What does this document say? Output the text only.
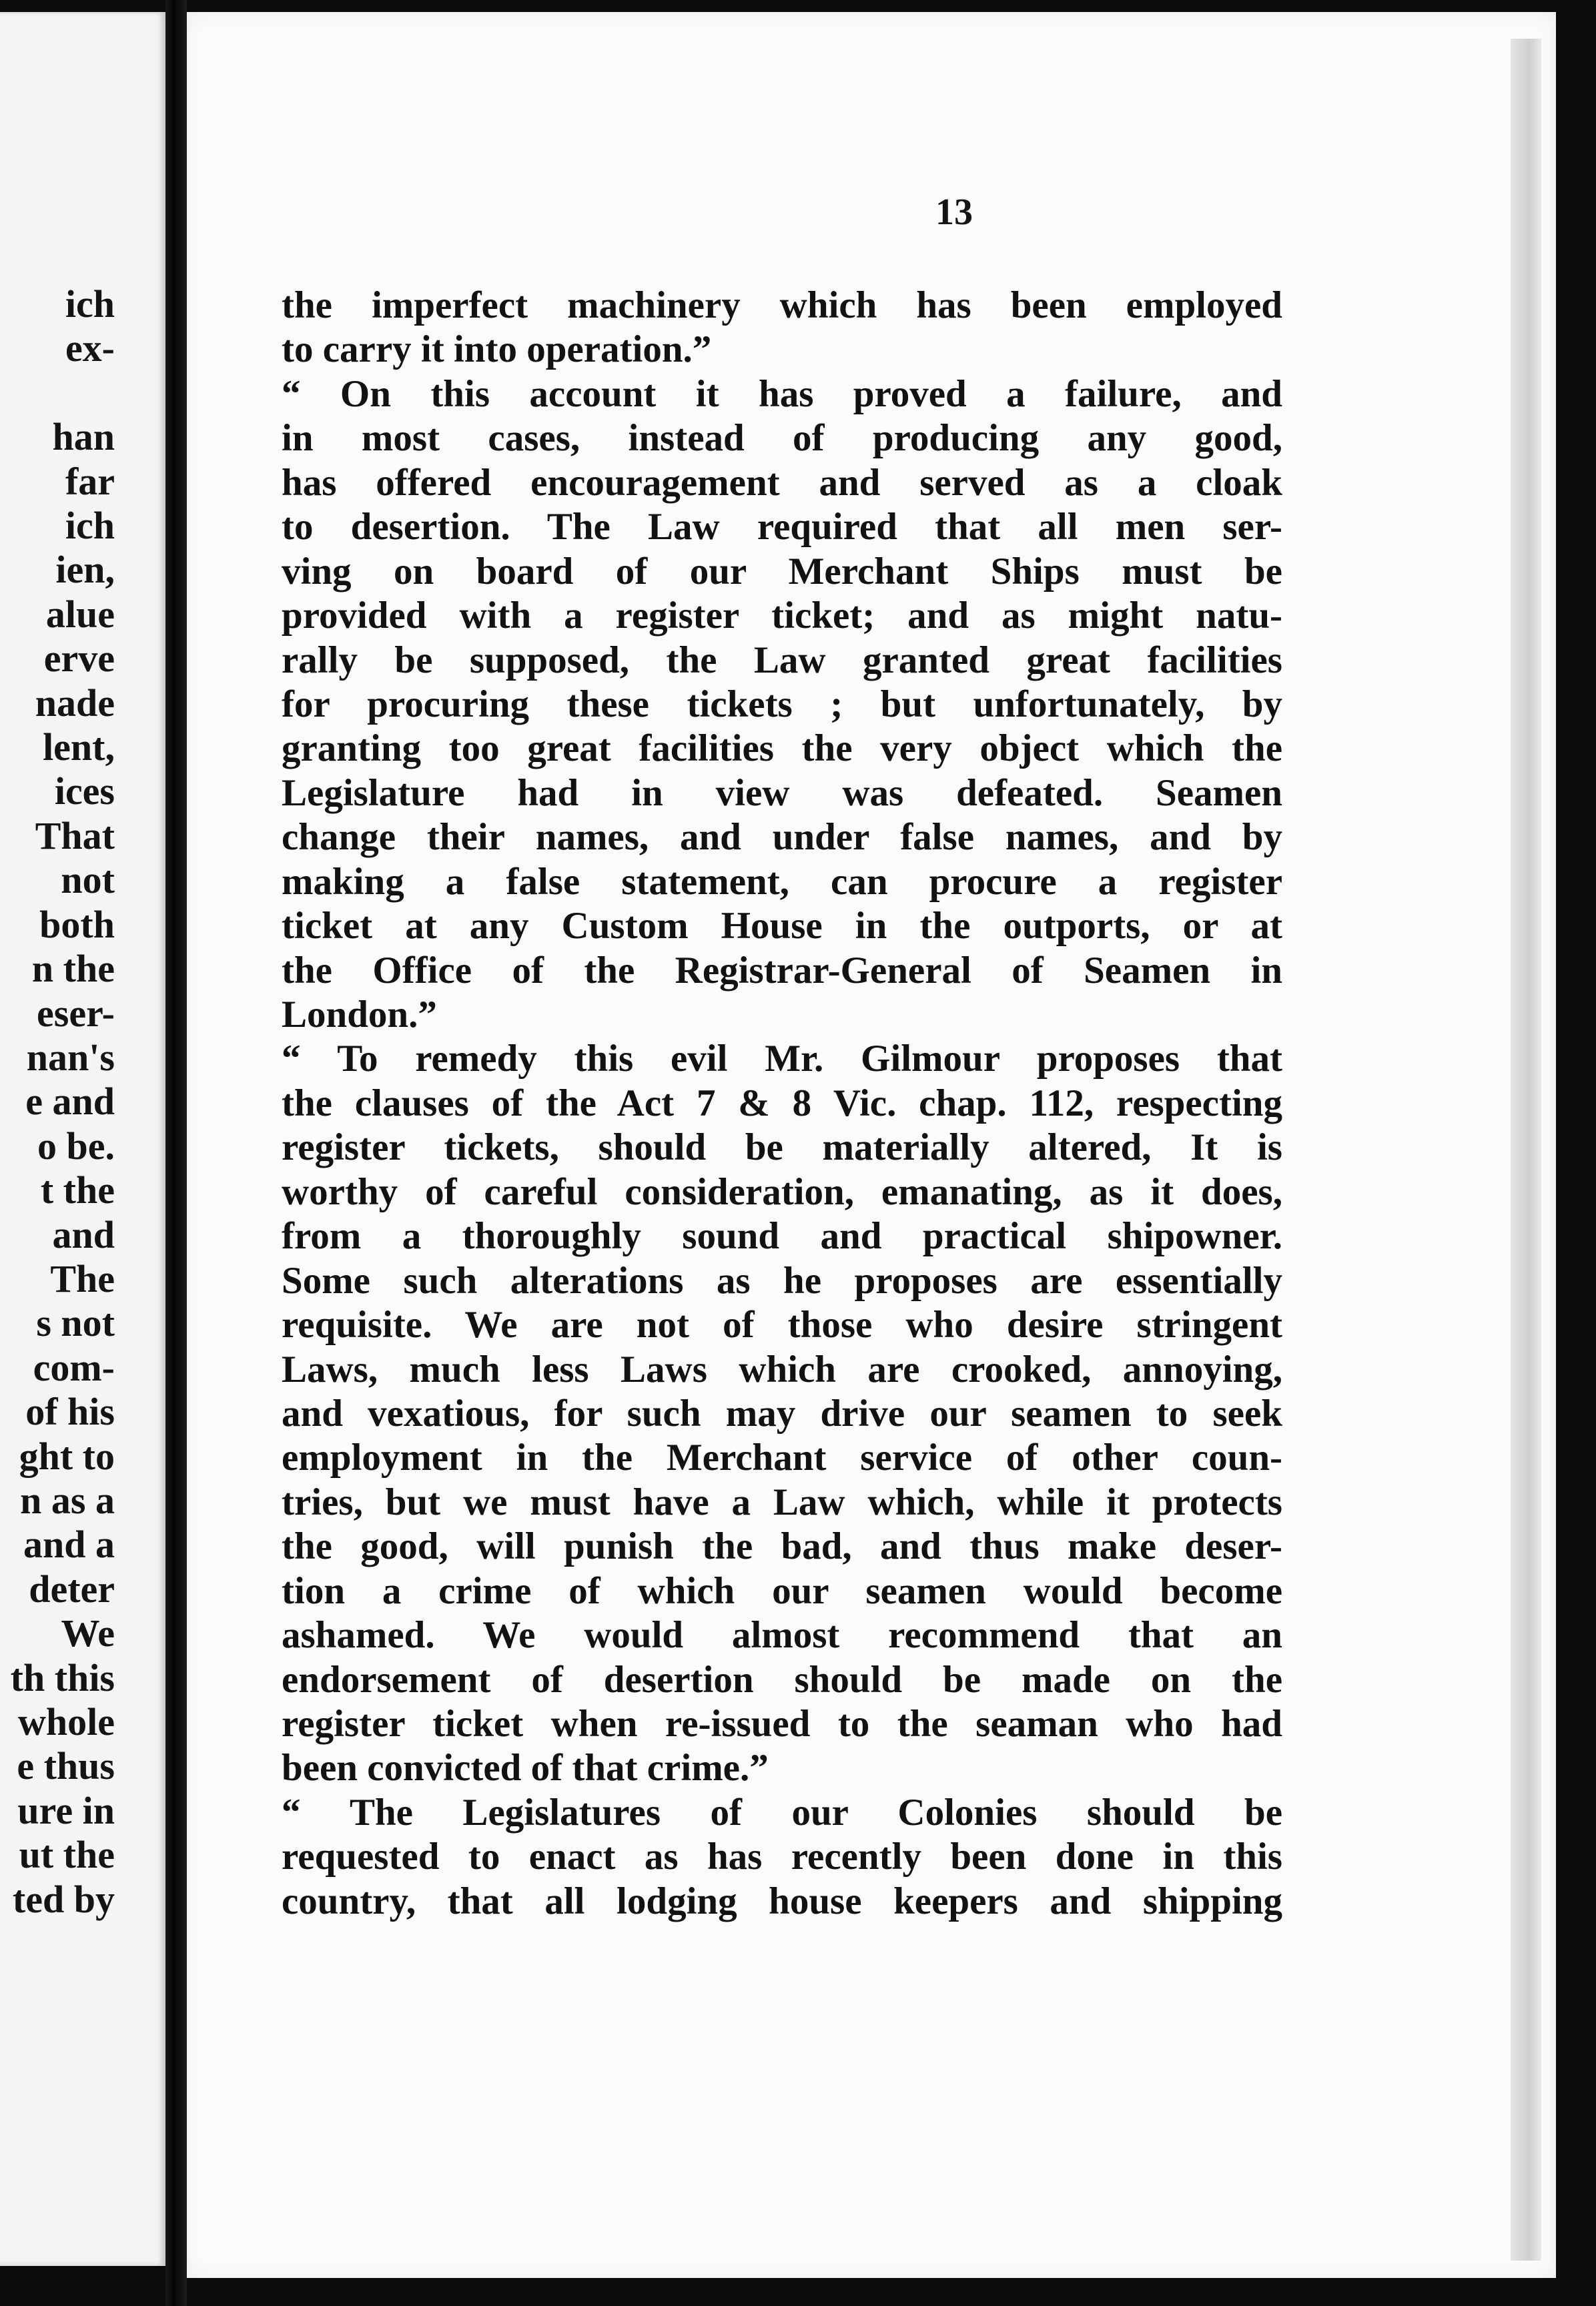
ich
ex-

han
far
ich
ien,
alue
erve
nade
lent,
ices
That
not
both
n the
eser-
nan's
e and
o be.
t the
and
The
s not
com-
of his
ght to
n as a
and a
deter
We
th this
whole
e thus
ure in
ut the
ted by
13
the imperfect machinery which has been employed
to carry it into operation.”
“ On this account it has proved a failure, and
in most cases, instead of producing any good,
has offered encouragement and served as a cloak
to desertion. The Law required that all men ser-
ving on board of our Merchant Ships must be
provided with a register ticket; and as might natu-
rally be supposed, the Law granted great facilities
for procuring these tickets ; but unfortunately, by
granting too great facilities the very object which the
Legislature had in view was defeated. Seamen
change their names, and under false names, and by
making a false statement, can procure a register
ticket at any Custom House in the outports, or at
the Office of the Registrar-General of Seamen in
London.”
“ To remedy this evil Mr. Gilmour proposes that
the clauses of the Act 7 & 8 Vic. chap. 112, respecting
register tickets, should be materially altered, It is
worthy of careful consideration, emanating, as it does,
from a thoroughly sound and practical shipowner.
Some such alterations as he proposes are essentially
requisite. We are not of those who desire stringent
Laws, much less Laws which are crooked, annoying,
and vexatious, for such may drive our seamen to seek
employment in the Merchant service of other coun-
tries, but we must have a Law which, while it protects
the good, will punish the bad, and thus make deser-
tion a crime of which our seamen would become
ashamed. We would almost recommend that an
endorsement of desertion should be made on the
register ticket when re-issued to the seaman who had
been convicted of that crime.”
“ The Legislatures of our Colonies should be
requested to enact as has recently been done in this
country, that all lodging house keepers and shipping
